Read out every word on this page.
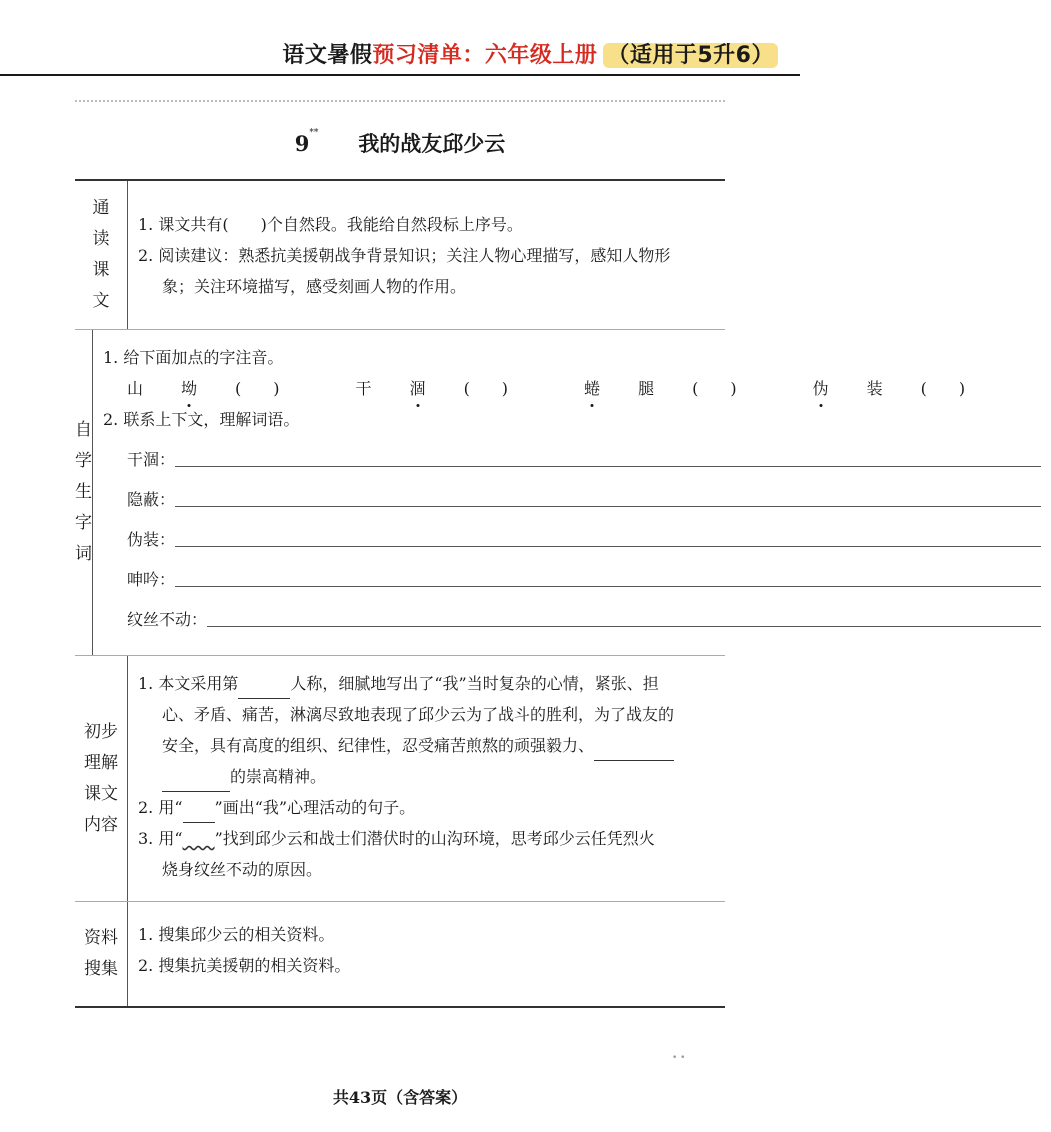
语文暑假预习清单：六年级上册 （适用于5升6）
9** 我的战友邱少云
通
读
课
文

1. 课文共有(　　)个自然段。我能给自然段标上序号。

2. 阅读建议：熟悉抗美援朝战争背景知识；关注人物心理描写，感知人物形

象；关注环境描写，感受刻画人物的作用。

自
学
生
字
词

1. 给下面加点的字注音。

山 坳 (　　)	干 涸 (　　)	蜷 腿 (　　)	伪 装 (　　)

2. 联系上下文，理解词语。

干涸：
隐蔽：
伪装：
呻吟：
纹丝不动：
初步
理解
课文
内容

1. 本文采用第	人称，细腻地写出了“我”当时复杂的心情，紧张、担

心、矛盾、痛苦，淋漓尽致地表现了邱少云为了战斗的胜利，为了战友的

安全，具有高度的组织、纪律性，忍受痛苦煎熬的顽强毅力、

的崇高精神。

2. 用“ ”画出“我”心理活动的句子。

3. 用“　　 ”找到邱少云和战士们潜伏时的山沟环境，思考邱少云任凭烈火

烧身纹丝不动的原因。

资料
搜集

1. 搜集邱少云的相关资料。

2. 搜集抗美援朝的相关资料。

• •
共43页（含答案）
